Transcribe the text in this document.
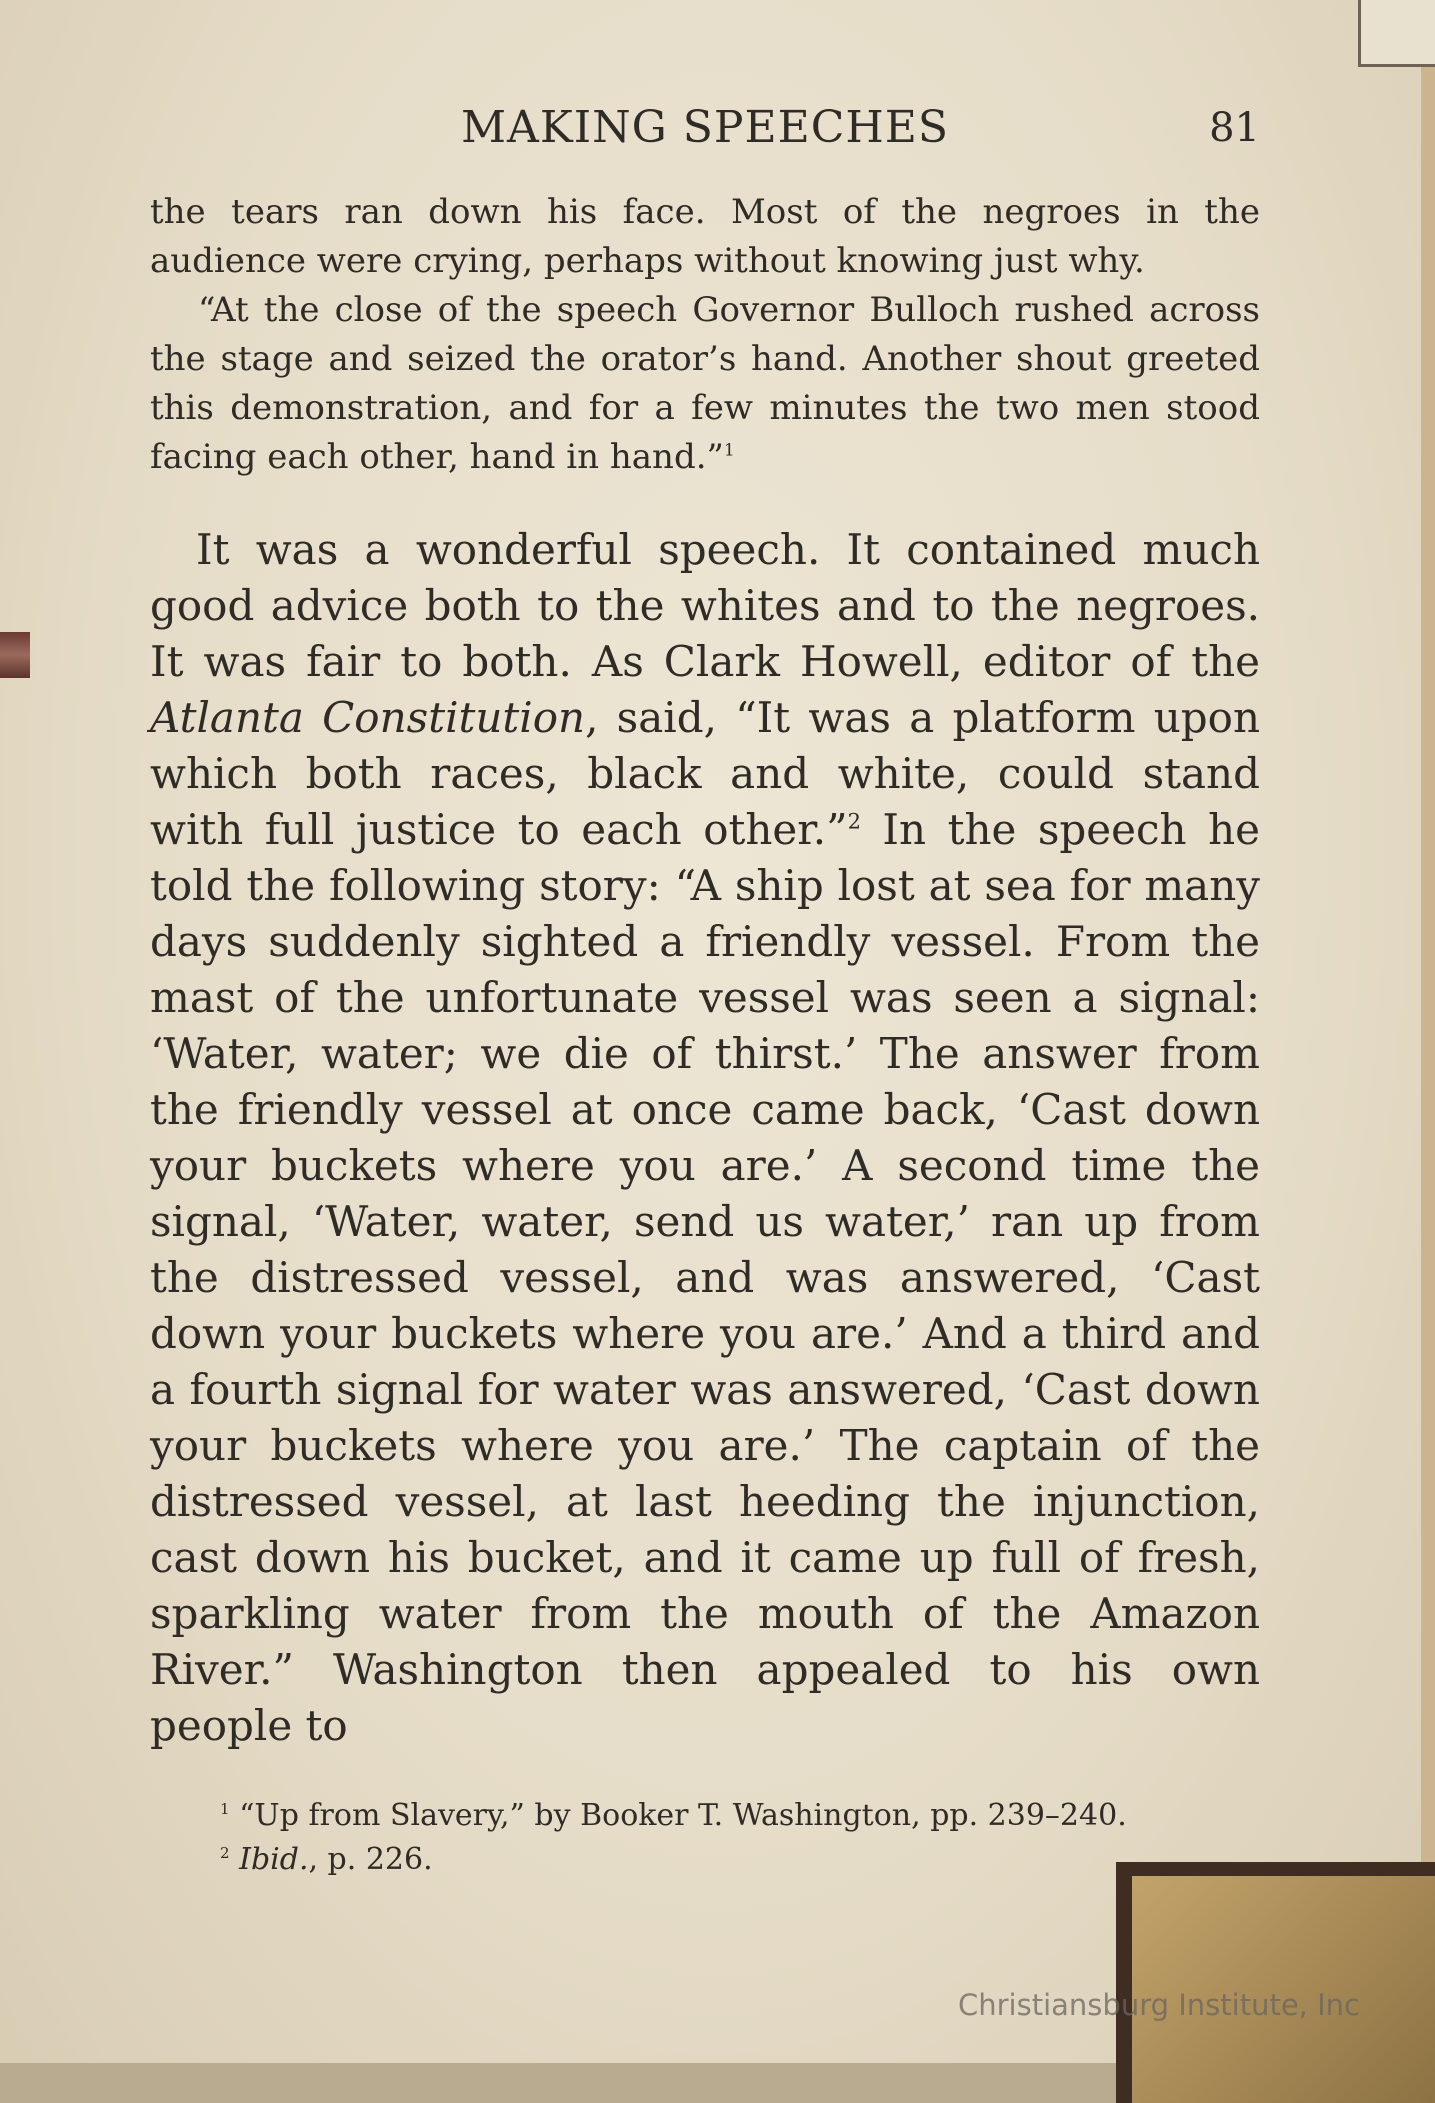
MAKING SPEECHES	81

the tears ran down his face. Most of the negroes in the audience were crying, perhaps without knowing just why.

“At the close of the speech Governor Bulloch rushed across the stage and seized the orator’s hand. Another shout greeted this demonstration, and for a few minutes the two men stood facing each other, hand in hand.”$^1$

It was a wonderful speech. It contained much good advice both to the whites and to the negroes. It was fair to both. As Clark Howell, editor of the Atlanta Constitution, said, “It was a platform upon which both races, black and white, could stand with full justice to each other.”$^2$ In the speech he told the following story: “A ship lost at sea for many days suddenly sighted a friendly vessel. From the mast of the unfortunate vessel was seen a signal: ‘Water, water; we die of thirst.’ The answer from the friendly vessel at once came back, ‘Cast down your buckets where you are.’ A second time the signal, ‘Water, water, send us water,’ ran up from the distressed vessel, and was answered, ‘Cast down your buckets where you are.’ And a third and a fourth signal for water was answered, ‘Cast down your buckets where you are.’ The captain of the distressed vessel, at last heeding the injunction, cast down his bucket, and it came up full of fresh, sparkling water from the mouth of the Amazon River.” Washington then appealed to his own people to

$^1$ “Up from Slavery,” by Booker T. Washington, pp. 239–240.
$^2$ Ibid., p. 226.
Christiansburg Institute, Inc
